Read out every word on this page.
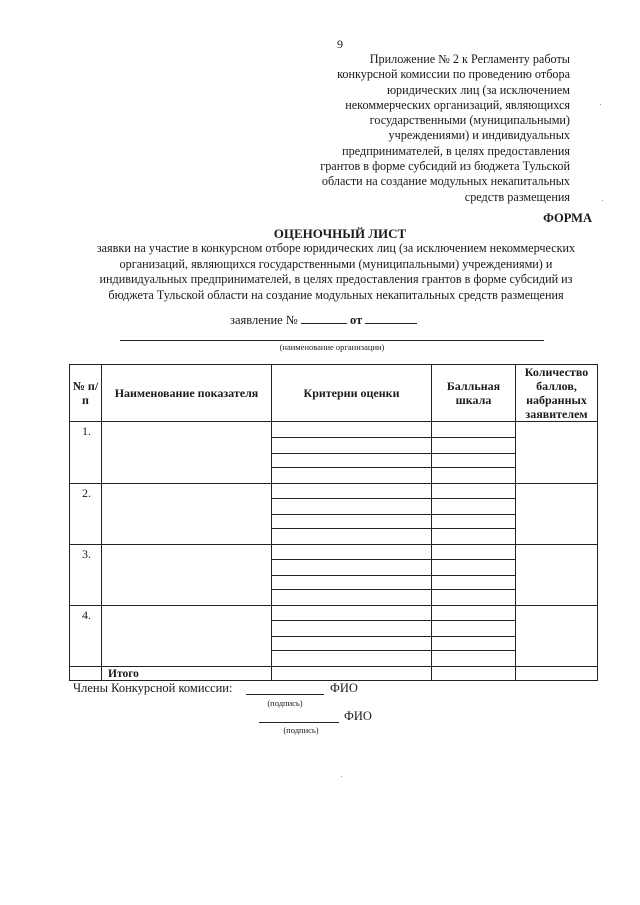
9
Приложение № 2 к Регламенту работы
конкурсной комиссии по проведению отбора
юридических лиц (за исключением
некоммерческих организаций, являющихся
государственными (муниципальными)
учреждениями) и индивидуальных
предпринимателей, в целях предоставления
грантов в форме субсидий из бюджета Тульской
области на создание модульных некапитальных
средств размещения
ФОРМА
ОЦЕНОЧНЫЙ ЛИСТ
заявки на участие в конкурсном отборе юридических лиц (за исключением некоммерческих
организаций, являющихся государственными (муниципальными) учреждениями) и
индивидуальных предпринимателей, в целях предоставления грантов в форме субсидий из
бюджета Тульской области на создание модульных некапитальных средств размещения
заявление №	от
(наименование организации)
№ п/п	Наименование показателя	Критерии оценки	Балльная шкала	Количество баллов, набранных заявителем
1.				

2.				

3.				

4.				

	Итого			
Члены Конкурсной комиссии:	ФИО
(подпись)
ФИО
(подпись)
